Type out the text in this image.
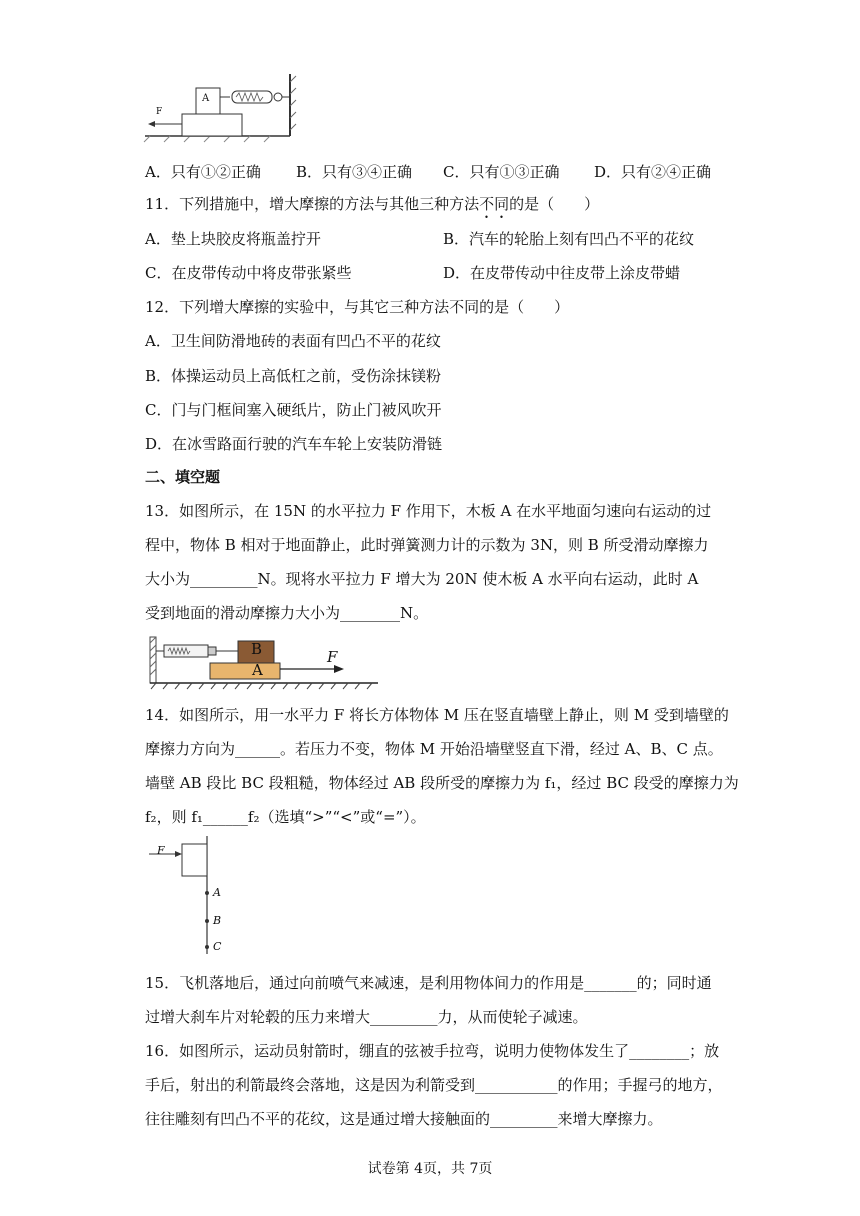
A
F
A．只有①②正确 B．只有③④正确 C．只有①③正确 D．只有②④正确
11．下列措施中，增大摩擦的方法与其他三种方法不同的是（　　）
A．垫上块胶皮将瓶盖拧开	B．汽车的轮胎上刻有凹凸不平的花纹
C．在皮带传动中将皮带张紧些	D．在皮带传动中往皮带上涂皮带蜡
12．下列增大摩擦的实验中，与其它三种方法不同的是（　　）
A．卫生间防滑地砖的表面有凹凸不平的花纹
B．体操运动员上高低杠之前，受伤涂抹镁粉
C．门与门框间塞入硬纸片，防止门被风吹开
D．在冰雪路面行驶的汽车车轮上安装防滑链
二、填空题
13．如图所示，在 15N 的水平拉力 F 作用下，木板 A 在水平地面匀速向右运动的过
程中，物体 B 相对于地面静止，此时弹簧测力计的示数为 3N，则 B 所受滑动摩擦力
大小为_________N。现将水平拉力 F 增大为 20N 使木板 A 水平向右运动，此时 A
受到地面的滑动摩擦力大小为________N。
B
A
F
14．如图所示，用一水平力 F 将长方体物体 M 压在竖直墙壁上静止，则 M 受到墙壁的
摩擦力方向为______。若压力不变，物体 M 开始沿墙壁竖直下滑，经过 A、B、C 点。
墙壁 AB 段比 BC 段粗糙，物体经过 AB 段所受的摩擦力为 f₁，经过 BC 段受的摩擦力为
f₂，则 f₁______f₂（选填“>”“<”或“=”）。
F
A
B
C
15．飞机落地后，通过向前喷气来减速，是利用物体间力的作用是_______的；同时通
过增大刹车片对轮毂的压力来增大_________力，从而使轮子减速。
16．如图所示，运动员射箭时，绷直的弦被手拉弯，说明力使物体发生了________；放
手后，射出的利箭最终会落地，这是因为利箭受到___________的作用；手握弓的地方，
往往雕刻有凹凸不平的花纹，这是通过增大接触面的_________来增大摩擦力。
试卷第 4页，共 7页
